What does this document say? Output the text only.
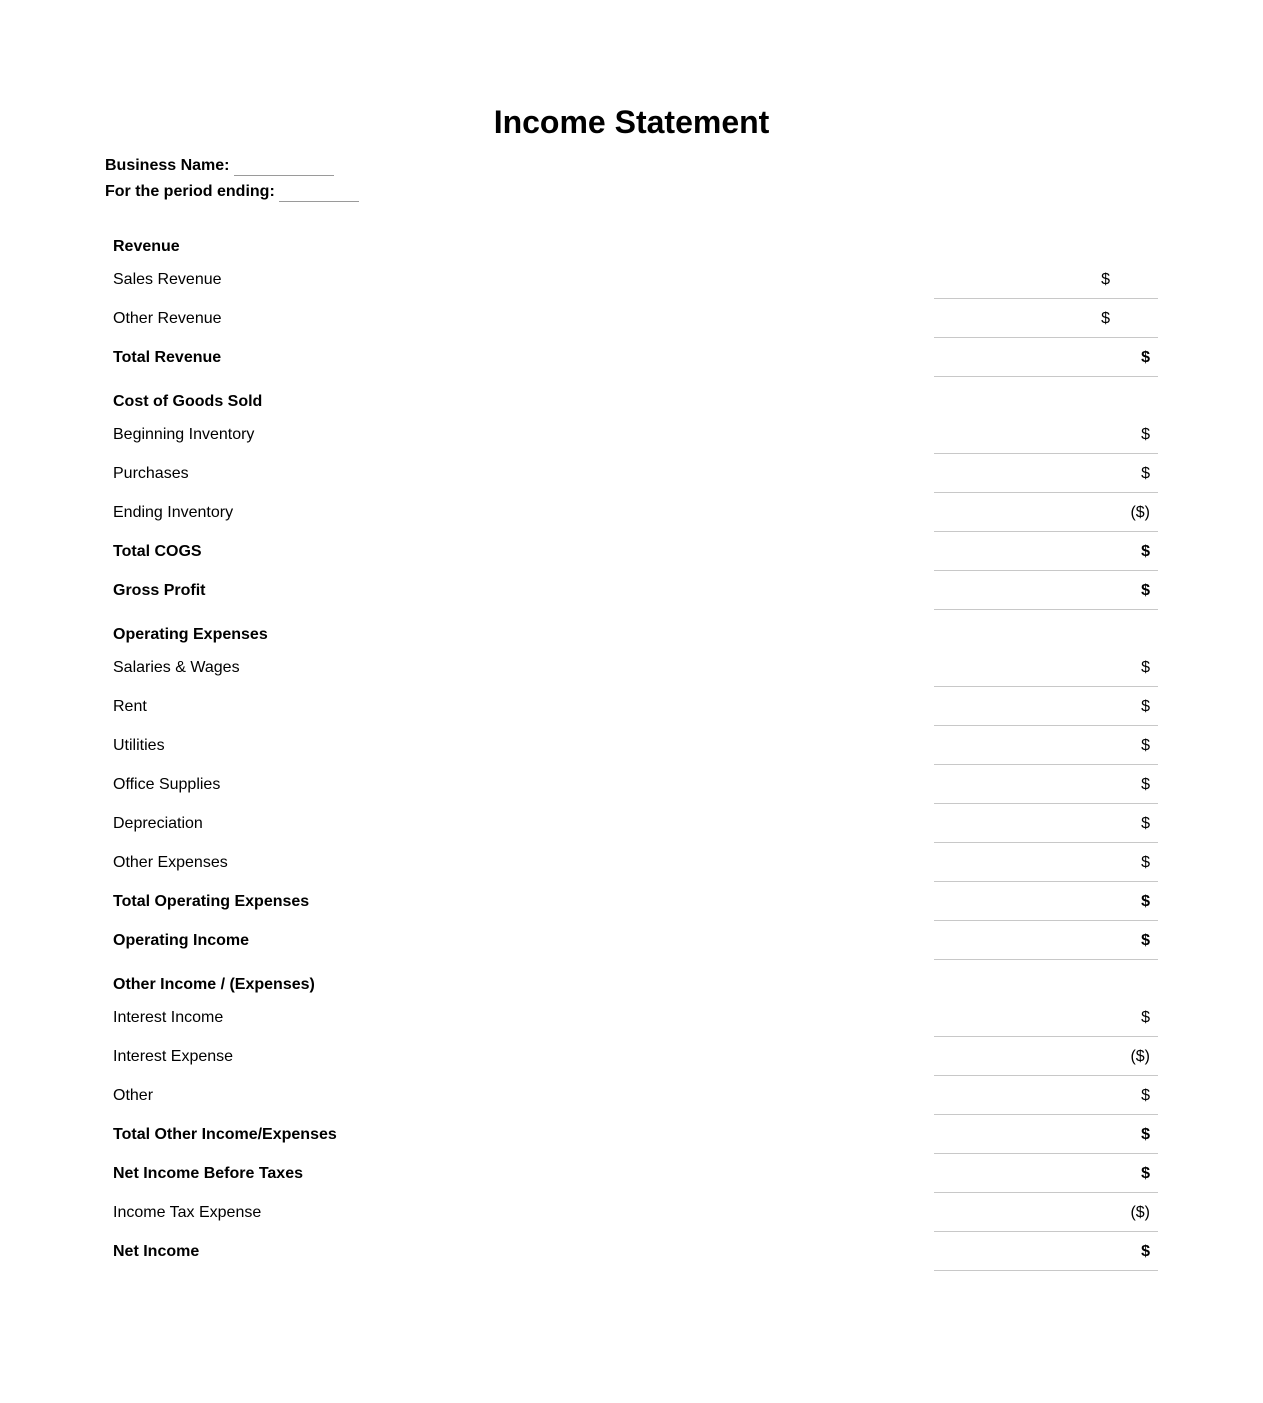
Income Statement
Business Name:
For the period ending:
Revenue
Sales Revenue	$
Other Revenue	$
Total Revenue	$
Cost of Goods Sold
Beginning Inventory	$
Purchases	$
Ending Inventory	($)
Total COGS	$
Gross Profit	$
Operating Expenses
Salaries & Wages	$
Rent	$
Utilities	$
Office Supplies	$
Depreciation	$
Other Expenses	$
Total Operating Expenses	$
Operating Income	$
Other Income / (Expenses)
Interest Income	$
Interest Expense	($)
Other	$
Total Other Income/Expenses	$
Net Income Before Taxes	$
Income Tax Expense	($)
Net Income	$
